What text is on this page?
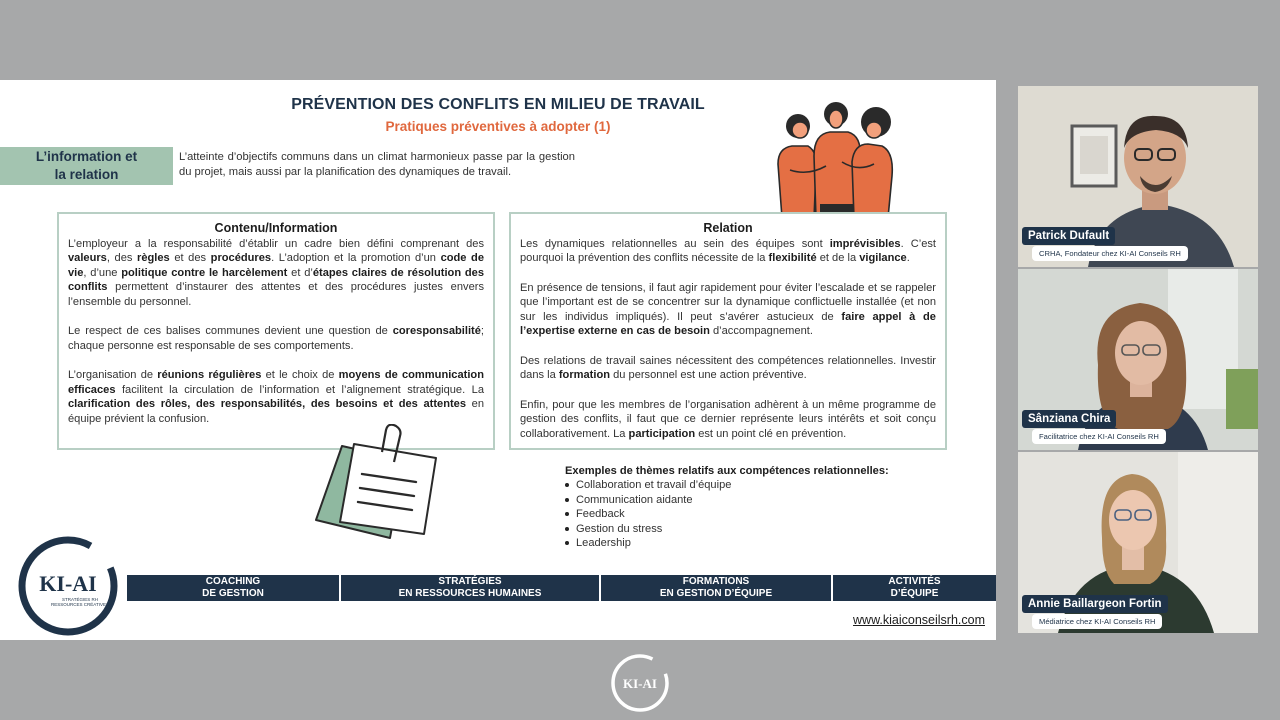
PRÉVENTION DES CONFLITS EN MILIEU DE TRAVAIL
Pratiques préventives à adopter (1)
L’information et
la relation
L’atteinte d’objectifs communs dans un climat harmonieux passe par la gestion du projet, mais aussi par la planification des dynamiques de travail.
Contenu/Information

L’employeur a la responsabilité d’établir un cadre bien défini comprenant des valeurs, des règles et des procédures. L’adoption et la promotion d’un code de vie, d’une politique contre le harcèlement et d’étapes claires de résolution des conflits permettent d’instaurer des attentes et des procédures justes envers l’ensemble du personnel.

Le respect de ces balises communes devient une question de coresponsabilité; chaque personne est responsable de ses comportements.

L’organisation de réunions régulières et le choix de moyens de communication efficaces facilitent la circulation de l’information et l’alignement stratégique. La clarification des rôles, des responsabilités, des besoins et des attentes en équipe prévient la confusion.

Relation

Les dynamiques relationnelles au sein des équipes sont imprévisibles. C’est pourquoi la prévention des conflits nécessite de la flexibilité et de la vigilance.

En présence de tensions, il faut agir rapidement pour éviter l’escalade et se rappeler que l’important est de se concentrer sur la dynamique conflictuelle installée (et non sur les individus impliqués). Il peut s’avérer astucieux de faire appel à de l’expertise externe en cas de besoin d’accompagnement.

Des relations de travail saines nécessitent des compétences relationnelles. Investir dans la formation du personnel est une action préventive.

Enfin, pour que les membres de l’organisation adhèrent à un même programme de gestion des conflits, il faut que ce dernier représente leurs intérêts et soit conçu collaborativement. La participation est un point clé en prévention.

Exemples de thèmes relatifs aux compétences relationnelles:
Collaboration et travail d’équipe
Communication aidante
Feedback
Gestion du stress
Leadership
COACHING
DE GESTION
STRATÉGIES
EN RESSOURCES HUMAINES
FORMATIONS
EN GESTION D’ÉQUIPE
ACTIVITÉS
D’ÉQUIPE
KI-AI
STRATÉGIES RH
RESSOURCES CRÉATIVES
www.kiaiconseilsrh.com
Patrick Dufault
CRHA, Fondateur chez KI-AI Conseils RH
Sânziana Chira
Facilitatrice chez KI-AI Conseils RH
Annie Baillargeon Fortin
Médiatrice chez KI-AI Conseils RH
KI-AI
